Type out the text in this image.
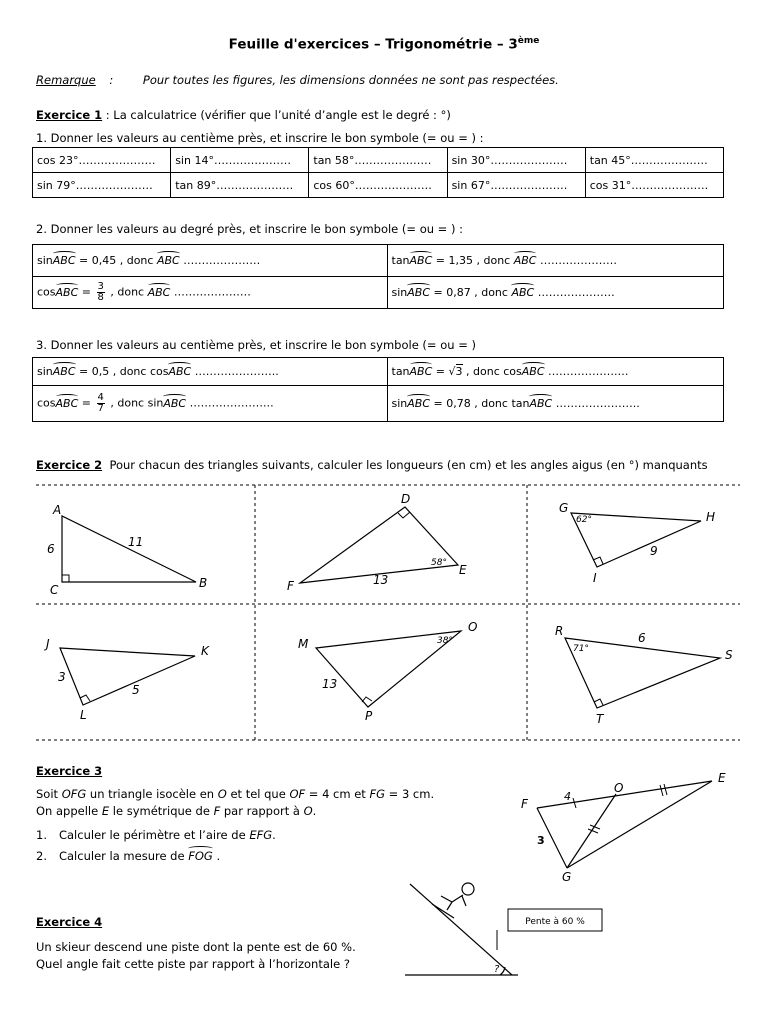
Feuille d'exercices – Trigonométrie – 3ème
Remarque :	Pour toutes les figures, les dimensions données ne sont pas respectées.
Exercice 1 : La calculatrice (vérifier que l’unité d’angle est le degré : °)
1. Donner les valeurs au centième près, et inscrire le bon symbole (= ou = ) :
cos 23°…………………	sin 14°…………………	tan 58°…………………	sin 30°…………………	tan 45°…………………
sin 79°…………………	tan 89°…………………	cos 60°…………………	sin 67°…………………	cos 31°…………………
2. Donner les valeurs au degré près, et inscrire le bon symbole (= ou = ) :
sinABC = 0,45 , donc ABC …………………	tanABC = 1,35 , donc ABC …………………
cosABC = $\frac{3}{8}$ , donc ABC …………………	sinABC = 0,87 , donc ABC …………………
3. Donner les valeurs au centième près, et inscrire le bon symbole (= ou = )
sinABC = 0,5 , donc cosABC …………………..	tanABC = √3 , donc cosABC ……………….…
cosABC = $\frac{4}{7}$ , donc sinABC …………………..	sinABC = 0,78 , donc tanABC …………………..
Exercice 2 Pour chacun des triangles suivants, calculer les longueurs (en cm) et les angles aigus (en °) manquants
A
B
C
6	11
D
E
F	13
58°
G
H
I
9
62°
J	K
L
3
5
M
O
P
13
38°
R
S
T
6
71°
Exercice 3
Soit OFG un triangle isocèle en O et tel que OF = 4 cm et FG = 3 cm.
On appelle E le symétrique de F par rapport à O.
1. Calculer le périmètre et l’aire de EFG.
2. Calculer la mesure de FOG .
E
F
G
O
4
3
Exercice 4
Un skieur descend une piste dont la pente est de 60 %.
Quel angle fait cette piste par rapport à l’horizontale ?
Pente à 60 %
?
